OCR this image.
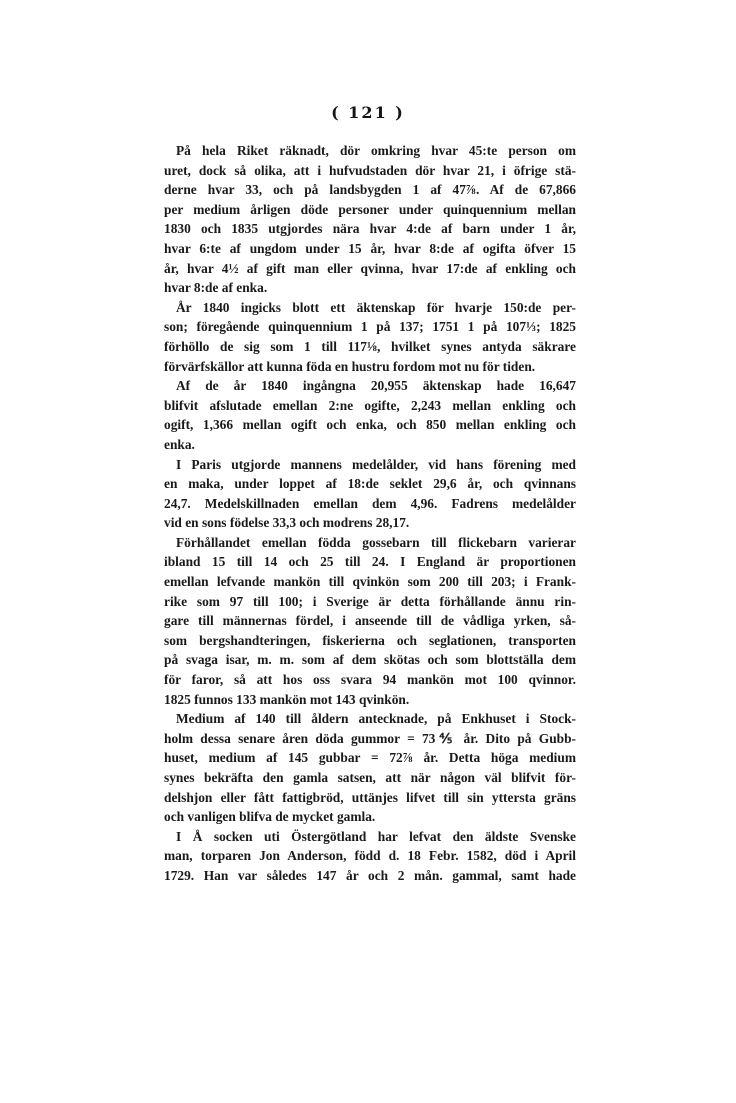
( 121 )
På hela Riket räknadt, dör omkring hvar 45:te person om
uret, dock så olika, att i hufvudstaden dör hvar 21, i öfrige stä-
derne hvar 33, och på landsbygden 1 af 47⅞. Af de 67,866
per medium årligen döde personer under quinquennium mellan
1830 och 1835 utgjordes nära hvar 4:de af barn under 1 år,
hvar 6:te af ungdom under 15 år, hvar 8:de af ogifta öfver 15
år, hvar 4½ af gift man eller qvinna, hvar 17:de af enkling och
hvar 8:de af enka.
År 1840 ingicks blott ett äktenskap för hvarje 150:de per-
son; föregående quinquennium 1 på 137; 1751 1 på 107⅓; 1825
förhöllo de sig som 1 till 117⅛, hvilket synes antyda säkrare
förvärfskällor att kunna föda en hustru fordom mot nu för tiden.
Af de år 1840 ingångna 20,955 äktenskap hade 16,647
blifvit afslutade emellan 2:ne ogifte, 2,243 mellan enkling och
ogift, 1,366 mellan ogift och enka, och 850 mellan enkling och
enka.
I Paris utgjorde mannens medelålder, vid hans förening med
en maka, under loppet af 18:de seklet 29,6 år, och qvinnans
24,7. Medelskillnaden emellan dem 4,96. Fadrens medelålder
vid en sons födelse 33,3 och modrens 28,17.
Förhållandet emellan födda gossebarn till flickebarn varierar
ibland 15 till 14 och 25 till 24. I England är proportionen
emellan lefvande mankön till qvinkön som 200 till 203; i Frank-
rike som 97 till 100; i Sverige är detta förhållande ännu rin-
gare till männernas fördel, i anseende till de vådliga yrken, så-
som bergshandteringen, fiskerierna och seglationen, transporten
på svaga isar, m. m. som af dem skötas och som blottställa dem
för faror, så att hos oss svara 94 mankön mot 100 qvinnor.
1825 funnos 133 mankön mot 143 qvinkön.
Medium af 140 till åldern antecknade, på Enkhuset i Stock-
holm dessa senare åren döda gummor = 73⅘ år. Dito på Gubb-
huset, medium af 145 gubbar = 72⅞ år. Detta höga medium
synes bekräfta den gamla satsen, att när någon väl blifvit för-
delshjon eller fått fattigbröd, uttänjes lifvet till sin yttersta gräns
och vanligen blifva de mycket gamla.
I Å socken uti Östergötland har lefvat den äldste Svenske
man, torparen Jon Anderson, född d. 18 Febr. 1582, död i April
1729. Han var således 147 år och 2 mån. gammal, samt hade
